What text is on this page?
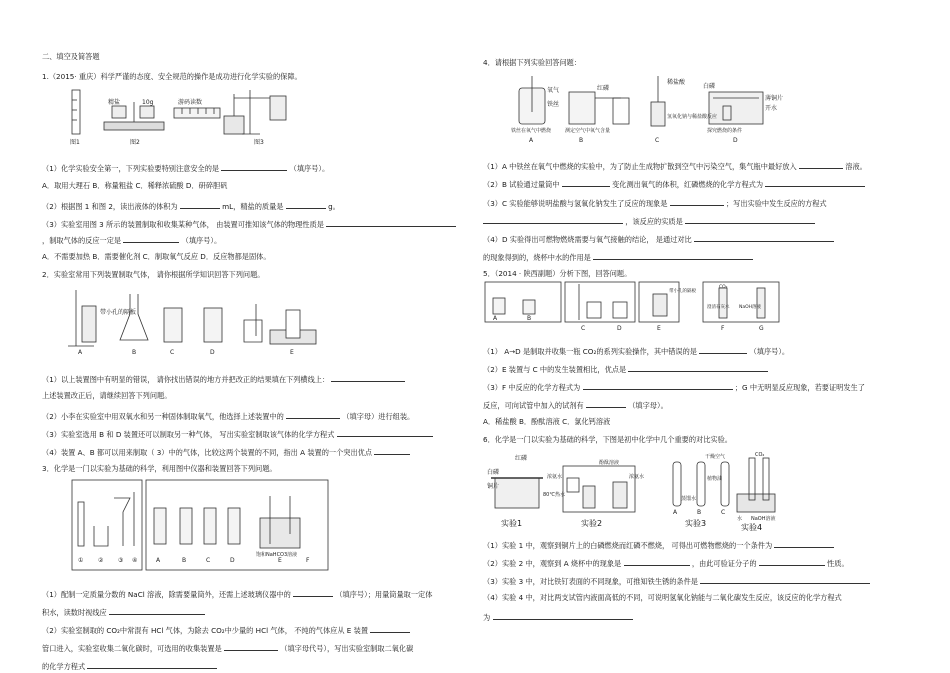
二、填空及简答题
1.（2015· 重庆）科学严谨的态度、安全规范的操作是成功进行化学实验的保障。
精盐	10g	游码读数
图1	图2	图3
（1）化学实验安全第一，下列实验要特别注意安全的是	（填序号）。
A．取用大理石 B．称量粗盐 C．稀释浓硫酸 D．研碎胆矾
（2）根据图 1 和图 2，读出液体的体积为	mL，精盐的质量是	g。
（3）实验室用图 3 所示的装置制取和收集某种气体， 由装置可推知该气体的物理性质是
，制取气体的反应一定是	（填序号）。
A．不需要加热 B．需要催化剂 C．制取氧气反应 D．反应物都是固体。
2．实验室常用下列装置制取气体， 请你根据所学知识回答下列问题。
带小孔的隔板
A	B	C	D	E
（1）以上装置图中有明显的错误， 请你找出错误的地方并把改正的结果填在下列横线上：
上述装置改正后，请继续回答下列问题。
（2）小李在实验室中用双氧水和另一种固体制取氧气，他选择上述装置中的	（填字母）进行组装。
（3）实验室选用 B 和 D 装置还可以制取另一种气体， 写出实验室制取该气体的化学方程式
（4）装置 A、B 都可以用来制取（ 3）中的气体，比较这两个装置的不同，指出 A 装置的一个突出优点
3．化学是一门以实验为基础的科学，利用图中仪器和装置回答下列问题。
① ② ③ ④	A	B	C	D	E	F
饱和NaHCO3溶液
（1）配制一定质量分数的 NaCl 溶液，除需要量筒外，还需上述玻璃仪器中的	（填序号）；用量筒量取一定体
积水，读数时视线应
（2）实验室制取的 CO₂中常混有 HCl 气体，为除去 CO₂中少量的 HCl 气体， 不纯的气体应从 E 装置
管口进入，实验室收集二氧化碳时，可选用的收集装置是	（填字母代号），写出实验室制取二氧化碳
的化学方程式
4．请根据下列实验回答问题：
氧气
铁丝
铁丝在氧气中燃烧
红磷
测定空气中氧气含量
稀盐酸
氢氧化钠与稀盐酸反应
白磷
薄铜片
开水
探究燃烧的条件
A	B	C	D
（1）A 中铁丝在氧气中燃烧的实验中，为了防止生成物扩散到空气中污染空气，集气瓶中最好放入	溶液。
（2）B 试验通过量筒中	变化测出氧气的体积，红磷燃烧的化学方程式为
（3）C 实验能够说明盐酸与氢氧化钠发生了反应的现象是	；写出实验中发生反应的方程式
，该反应的实质是
（4）D 实验得出可燃物燃烧需要与氧气接触的结论， 是通过对比
的现象得到的，烧杯中水的作用是
5．（2014 · 陕西副题）分析下图，回答问题。
A	B
C	D	E	F	G
澄清石灰水 NaOH溶液
CO₂
带小孔的隔板
（1） A→D 是制取并收集一瓶 CO₂的系列实验操作，其中错误的是	（填序号）。
（2）E 装置与 C 中的发生装置相比，优点是
（3）F 中反应的化学方程式为	；G 中无明显反应现象，若要证明发生了
反应，可向试管中加入的试剂有	（填字母）。
A．稀盐酸 B．酚酞溶液 C．氯化钙溶液
6．化学是一门以实验为基础的科学，下图是初中化学中几个重要的对比实验。
白磷
红磷
铜片
80℃热水
浓氨水
酚酞溶液
浓氨水
干燥空气
植物油
蒸馏水
CO₂
水 NaOH溶液
实验1	实验2	实验3	实验4
A	B	C
（1）实验 1 中，观察到铜片上的白磷燃烧而红磷不燃烧， 可得出可燃物燃烧的一个条件为
（2）实验 2 中，观察到 A 烧杯中的现象是	，由此可验证分子的	性质。
（3）实验 3 中，对比铁钉表面的不同现象，可推知铁生锈的条件是
（4）实验 4 中，对比两支试管内液面高低的不同，可说明氢氧化钠能与二氧化碳发生反应，该反应的化学方程式
为
